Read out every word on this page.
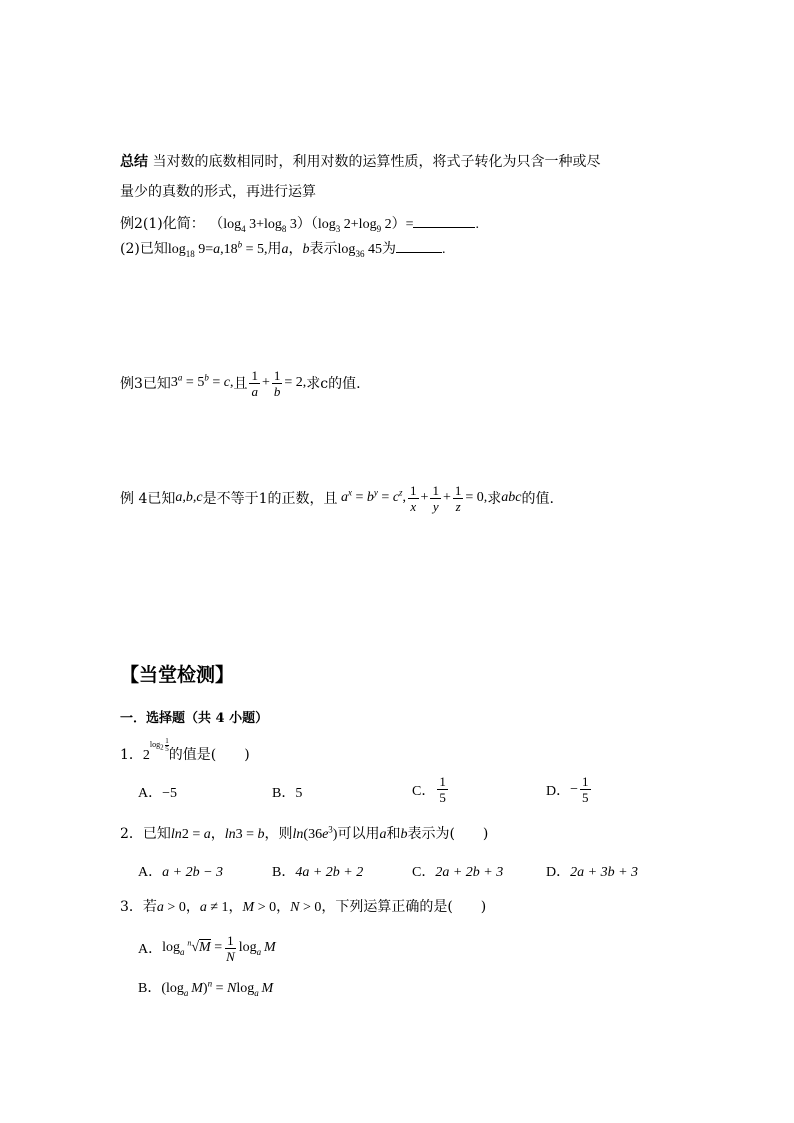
总结 当对数的底数相同时，利用对数的运算性质，将式子转化为只含一种或尽
量少的真数的形式，再进行运算
例2(1)化简： （$\log_4$ $3+\log_8$ $3)(\log_3$ $2+\log_9$ 2）=	.
(2)已知$\log_{18} 9=a,18^b = 5$,用a，b表示$\log_{36} 45$为	.
例3已知 $3^a = 5^b = c$, 且 $\frac{1}{a} + \frac{1}{b} = 2$, 求c的值.
例 4已知 a,b,c 是不等于1的正数，且 $a^x = b^y = c^z$, $\frac{1}{x} + \frac{1}{y} + \frac{1}{z} = 0$, 求 abc 的值.
【当堂检测】
一．选择题（共 4 小题）
1．$2^{log_2 \frac{1}{5}}$
的值是(　　)
A．−5	B．5	C． $\frac{1}{5}$	D． − $\frac{1}{5}$
2．已知ln2 = a，ln3 = b，则$\ln(36e^3)$可以用a和b表示为(　　)
A．a + 2b − 3	B．4a + 2b + 2	C．2a + 2b + 3	D．2a + 3b + 3
3．若a > 0，a ≠ 1，M > 0，N > 0，下列运算正确的是(　　)
A． $\log_a ^n√M = \frac{1}{N} \log_a M$
B．($\log_a$  M)$^n$ = Nlog$_a$  M
